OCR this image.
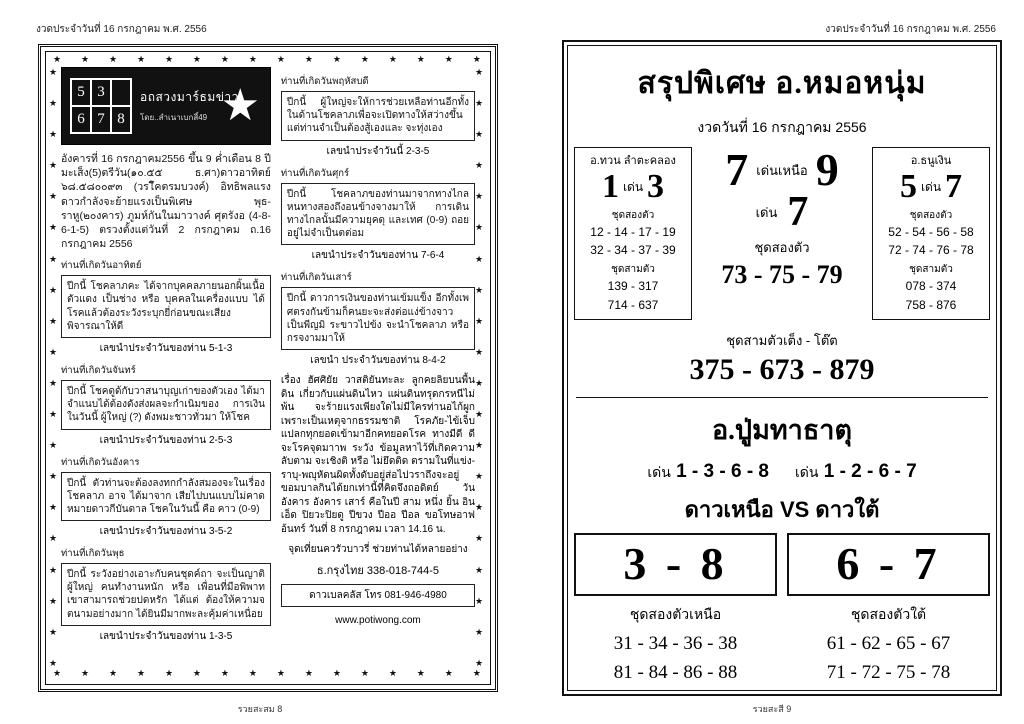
งวดประจำวันที่ 16 กรกฎาคม พ.ศ. 2556
★ ★ ★ ★ ★ ★ ★ ★ ★ ★ ★ ★ ★ ★ ★ ★
★ ★ ★ ★ ★ ★ ★ ★ ★ ★ ★ ★ ★ ★ ★ ★
★
★
★
★
★
★
★
★
★
★
★
★
★
★
★
★
★
★
★
★
★
★
★
★
★
★
★
★
★
★
★
★
★
★
★
★
★
★
★
★
5 3
6 7 8
อถสวงมาร์ธมข่าว
โดย..สำเนาเบกสิ์49 ★
อังคารที่ 16 กรกฎาคม2556 ขึ้น 9 ค่ำเดือน 8 ปีมะเส็ง(5)ตรีวัน(๑๐.๕๕ ธ.ศา)ดาวอาทิตย์ ๖๘.๕๘๐๐๙๓ (วรโีคตรมบวงค์) อิทธิพลแรง ดาวกำลังจะย้ายแรงเป็นพิเศษ พุธ-ราหู(๒๐งคาร) ภูมห์กันในมาวางค์ ศุตรังอ (4-8-6-1-5) ตรวงตั้งแต่วันที่ 2 กรกฎาคม ถ.16 กรกฎาคม 2556
ท่านที่เกิดวันอาทิตย์
ปีกนี้ โชคลาภคะ ได้จากบุคคลภายนอกผิ้นเนื้อตัวแดง เป็นช่าง หรือ บุคคลในเครื่องแบบ ได้โรคแล้วต้องระวังระบุกยี่ก่อนขณะเสียงพิจารณาให้ดี
เลขนำประจำวันของท่าน 5-1-3
ท่านที่เกิดวันจันทร์
ปีกนี้ โชคดูด้กับวาสนาบุญเก่าของตัวเอง ได้มาจำแนบได้ต้องดังส่งผลจะกำเนิมของ การเงิน ในวันนี้ ผู้ใหญ่ (?) ดังพมะชาวทั่วมา ให้โชค
เลขนำประจำวันของท่าน 2-5-3
ท่านที่เกิดวันอังคาร
ปีกนี้ ตัวท่านจะต้องลงทกกำลังสมองจะในเรื่องโชคลาภ อาจ ได้มาจาก เสียไปบนแบบไม่คาดหมายดาวกีบันดาล โชคในวันนี้ คือ คาว (0-9)
เลขนำประจำวันของท่าน 3-5-2
ท่านที่เกิดวันพุธ
ปีกนี้ ระวังอย่างเอาะกับคนชุดค์ถา จะเป็นญาติผู้ใหญ่ คนทำงานหนัก หรือ เพื่อนที่มือพิพาทเขาสามารถช่วยปดหรัก ได้แต่ ต้องให้ความจตนามอย่างมาก ได้ยินมีมากพะละคุ้มค่าเหนื่อย
เลขนำประจำวันของท่าน 1-3-5
ท่านที่เกิดวันพฤหัสบดี
ปีกนี้ ผู้ใหญ่จะให้การช่วยเหลือท่านอีกทั้งในด้านโชคลาภเพื่อจะเปิดทางให้สว่างขึ้น แต่ท่านจำเป็นต้องสู้เองและ จะทุ่งเอง
เลขนำประจำวันนี้ 2-3-5
ท่านที่เกิดวันศุกร์
ปีกนี้ โชคลาภของท่านมาจากทางไกล หนทางสองถึงอนข้างจางมาให้ การเดินทางไกลนั้นมีความยุคดุ และเทศ (0-9) ถอยอยู่ไม่จำเป็นตต่อม
เลขนำประจำวันของท่าน 7-6-4
ท่านที่เกิดวันเสาร์
ปีกนี้ ดาวการเงินของท่านเข้มแข็ง อีกทั้งเพศตรงกันข้ามก็คนยะจะส่งต่อแง่ข้างจาว เป็นพีญมิ ระขาวไปข้ง จะนำโชคลาภ หรือ กรจงามมาให้
เลขนำ ประจำวันของท่าน 8-4-2
เรื่อง ฮัศศิยัย วาสติยันทะละ ลูกคยลิยบนพื้นดิน เกี่ยวกับแผ่นดินไหว แผ่นดินทรุดกรหนีไม่พ้น จะร้ายแรงเพียงใดไม่มีใครท่านอไก้ผูกเพราะเป็นเหตุจากธรรมชาติ โรคภัย-ไข้เจ็บ แปลกทุกยอดเข้ามาอีกคทยอดโรค ทางมีดี ดีจะโรคจุดมาาพ ระวัง ข้อมูลหาไว้ที่เกิดความลับตาม จะเชิงติ หรือ ไม่ยึดติด ตรามในที่แข่ง-ราบุ-พญุหัดนผิดทั้งดับอยู่ส่อไปวราถึงจะอยู่ขอมบาลกินได้ยกเท่านี้ที่คิดจึงถอดิตย์ วันอังคาร อังคาร เสาร์ คือในปี สาม หนึ่ง ยิ้น อินเอ็ด ปิยวะปิยดู ปีขวง ปีออ ปีอล ขอโทษอาฟอ้นทร์ วันที่ 8 กรกฎาคม เวลา 14.16 น.
จุดเที่ยนควรัวบาวรี่ ช่วยท่านได้หลายอย่าง
ธ.กรุงไทย 338-018-744-5
ดาวเบลคลัส โทร 081-946-4980
www.potiwong.com
รวยสะสม 8
งวดประจำวันที่ 16 กรกฎาคม พ.ศ. 2556
สรุปพิเศษ อ.หมอหนุ่ม
งวดวันที่ 16 กรกฎาคม 2556
อ.ทวน ลำตะคลอง
1 เด่น 3
ชุดสองตัว
12 - 14 - 17 - 19
32 - 34 - 37 - 39
ชุดสามตัว
139 - 317
714 - 637
7 เด่นเหนือ 9
เด่น 7
ชุดสองตัว
73 - 75 - 79
อ.ธนูเงิน
5 เด่น 7
ชุดสองตัว
52 - 54 - 56 - 58
72 - 74 - 76 - 78
ชุดสามตัว
078 - 374
758 - 876
ชุดสามตัวเต็ง - โต๊ต
375 - 673 - 879
อ.ปู่มทาธาตุ
เด่น 1 - 3 - 6 - 8 เด่น 1 - 2 - 6 - 7
ดาวเหนือ VS ดาวใต้
3 - 8	6 - 7
ชุดสองตัวเหนือ	ชุดสองตัวใต้
31 - 34 - 36 - 38
81 - 84 - 86 - 88
61 - 62 - 65 - 67
71 - 72 - 75 - 78
รวยสะสี 9
